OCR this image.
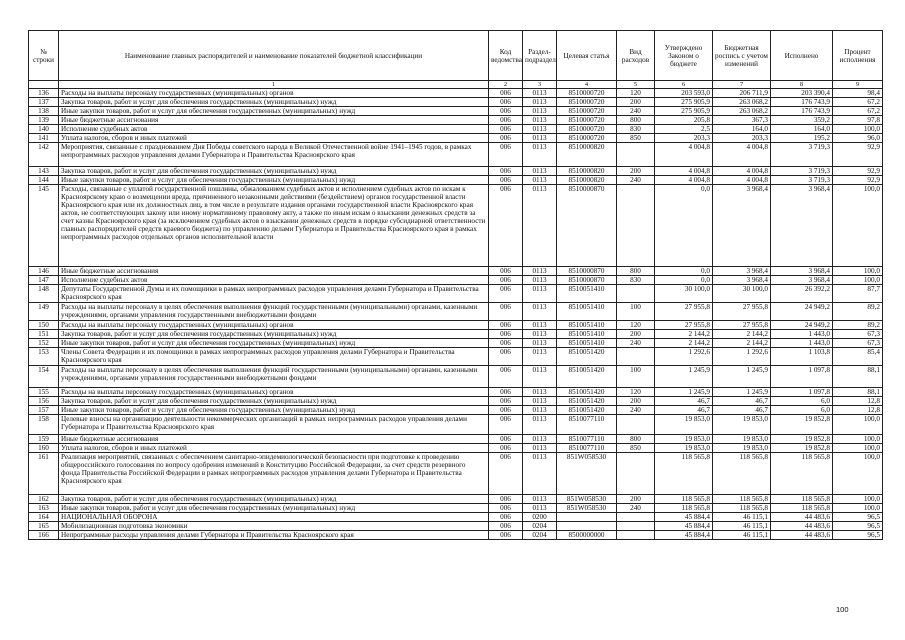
№ строки	Наименование главных распорядителей и наименование показателей бюджетной классификации	Код ведомства	Раздел-подраздел	Целевая статья	Вид расходов	Утверждено Законом о бюджете	Бюджетная роспись с учетом изменений	Исполнено	Процент исполнения
	1	2	3	4	5	6	7	8	9
136	Расходы на выплаты персоналу государственных (муниципальных) органов	006	0113	8510000720	120	203 593,0	206 711,9	203 390,4	98,4
137	Закупка товаров, работ и услуг для обеспечения государственных (муниципальных) нужд	006	0113	8510000720	200	275 905,9	263 068,2	176 743,9	67,2
138	Иные закупки товаров, работ и услуг для обеспечения государственных (муниципальных) нужд	006	0113	8510000720	240	275 905,9	263 068,2	176 743,9	67,2
139	Иные бюджетные ассигнования	006	0113	8510000720	800	205,8	367,3	359,2	97,8
140	Исполнение судебных актов	006	0113	8510000720	830	2,5	164,0	164,0	100,0
141	Уплата налогов, сборов и иных платежей	006	0113	8510000720	850	203,3	203,3	195,2	96,0
142	Мероприятия, связанные с празднованием Дня Победы советского народа в Великой Отечественной войне 1941–1945 годов, в рамках непрограммных расходов управления делами Губернатора и Правительства Красноярского края	006	0113	8510000820		4 004,8	4 004,8	3 719,3	92,9
143	Закупка товаров, работ и услуг для обеспечения государственных (муниципальных) нужд	006	0113	8510000820	200	4 004,8	4 004,8	3 719,3	92,9
144	Иные закупки товаров, работ и услуг для обеспечения государственных (муниципальных) нужд	006	0113	8510000820	240	4 004,8	4 004,8	3 719,3	92,9
145	Расходы, связанные с уплатой государственной пошлины, обжалованием судебных актов и исполнением судебных актов по искам к Красноярскому краю о возмещении вреда, причиненного незаконными действиями (бездействием) органов государственной власти Красноярского края или их должностных лиц, в том числе в результате издания органами государственной власти Красноярского края актов, не соответствующих закону или иному нормативному правовому акту, а также по иным искам о взыскании денежных средств за счет казны Красноярского края (за исключением судебных актов о взыскании денежных средств в порядке субсидиарной ответственности главных распорядителей средств краевого бюджета) по управлению делами Губернатора и Правительства Красноярского края в рамках непрограммных расходов отдельных органов исполнительной власти	006	0113	8510000870		0,0	3 968,4	3 968,4	100,0
146	Иные бюджетные ассигнования	006	0113	8510000870	800	0,0	3 968,4	3 968,4	100,0
147	Исполнение судебных актов	006	0113	8510000870	830	0,0	3 968,4	3 968,4	100,0
148	Депутаты Государственной Думы и их помощники в рамках непрограммных расходов управления делами Губернатора и Правительства Красноярского края	006	0113	8510051410		30 100,0	30 100,0	26 392,2	87,7
149	Расходы на выплаты персоналу в целях обеспечения выполнения функций государственными (муниципальными) органами, казенными учреждениями, органами управления государственными внебюджетными фондами	006	0113	8510051410	100	27 955,8	27 955,8	24 949,2	89,2
150	Расходы на выплаты персоналу государственных (муниципальных) органов	006	0113	8510051410	120	27 955,8	27 955,8	24 949,2	89,2
151	Закупка товаров, работ и услуг для обеспечения государственных (муниципальных) нужд	006	0113	8510051410	200	2 144,2	2 144,2	1 443,0	67,3
152	Иные закупки товаров, работ и услуг для обеспечения государственных (муниципальных) нужд	006	0113	8510051410	240	2 144,2	2 144,2	1 443,0	67,3
153	Члены Совета Федерации и их помощники в рамках непрограммных расходов управления делами Губернатора и Правительства Красноярского края	006	0113	8510051420		1 292,6	1 292,6	1 103,8	85,4
154	Расходы на выплаты персоналу в целях обеспечения выполнения функций государственными (муниципальными) органами, казенными учреждениями, органами управления государственными внебюджетными фондами	006	0113	8510051420	100	1 245,9	1 245,9	1 097,8	88,1
155	Расходы на выплаты персоналу государственных (муниципальных) органов	006	0113	8510051420	120	1 245,9	1 245,9	1 097,8	88,1
156	Закупка товаров, работ и услуг для обеспечения государственных (муниципальных) нужд	006	0113	8510051420	200	46,7	46,7	6,0	12,8
157	Иные закупки товаров, работ и услуг для обеспечения государственных (муниципальных) нужд	006	0113	8510051420	240	46,7	46,7	6,0	12,8
158	Целевые взносы на организацию деятельности некоммерческих организаций в рамках непрограммных расходов управления делами Губернатора и Правительства Красноярского края	006	0113	8510077110		19 853,0	19 853,0	19 852,8	100,0
159	Иные бюджетные ассигнования	006	0113	8510077110	800	19 853,0	19 853,0	19 852,8	100,0
160	Уплата налогов, сборов и иных платежей	006	0113	8510077110	850	19 853,0	19 853,0	19 852,8	100,0
161	Реализация мероприятий, связанных с обеспечением санитарно-эпидемиологической безопасности при подготовке к проведению общероссийского голосования по вопросу одобрения изменений в Конституцию Российской Федерации, за счет средств резервного фонда Правительства Российской Федерации в рамках непрограммных расходов управления делами Губернатора и Правительства Красноярского края	006	0113	851W058530		118 565,8	118 565,8	118 565,8	100,0
162	Закупка товаров, работ и услуг для обеспечения государственных (муниципальных) нужд	006	0113	851W058530	200	118 565,8	118 565,8	118 565,8	100,0
163	Иные закупки товаров, работ и услуг для обеспечения государственных (муниципальных) нужд	006	0113	851W058530	240	118 565,8	118 565,8	118 565,8	100,0
164	НАЦИОНАЛЬНАЯ ОБОРОНА	006	0200			45 884,4	46 115,1	44 483,6	96,5
165	Мобилизационная подготовка экономики	006	0204			45 884,4	46 115,1	44 483,6	96,5
166	Непрограммные расходы управления делами Губернатора и Правительства Красноярского края	006	0204	8500000000		45 884,4	46 115,1	44 483,6	96,5
100
